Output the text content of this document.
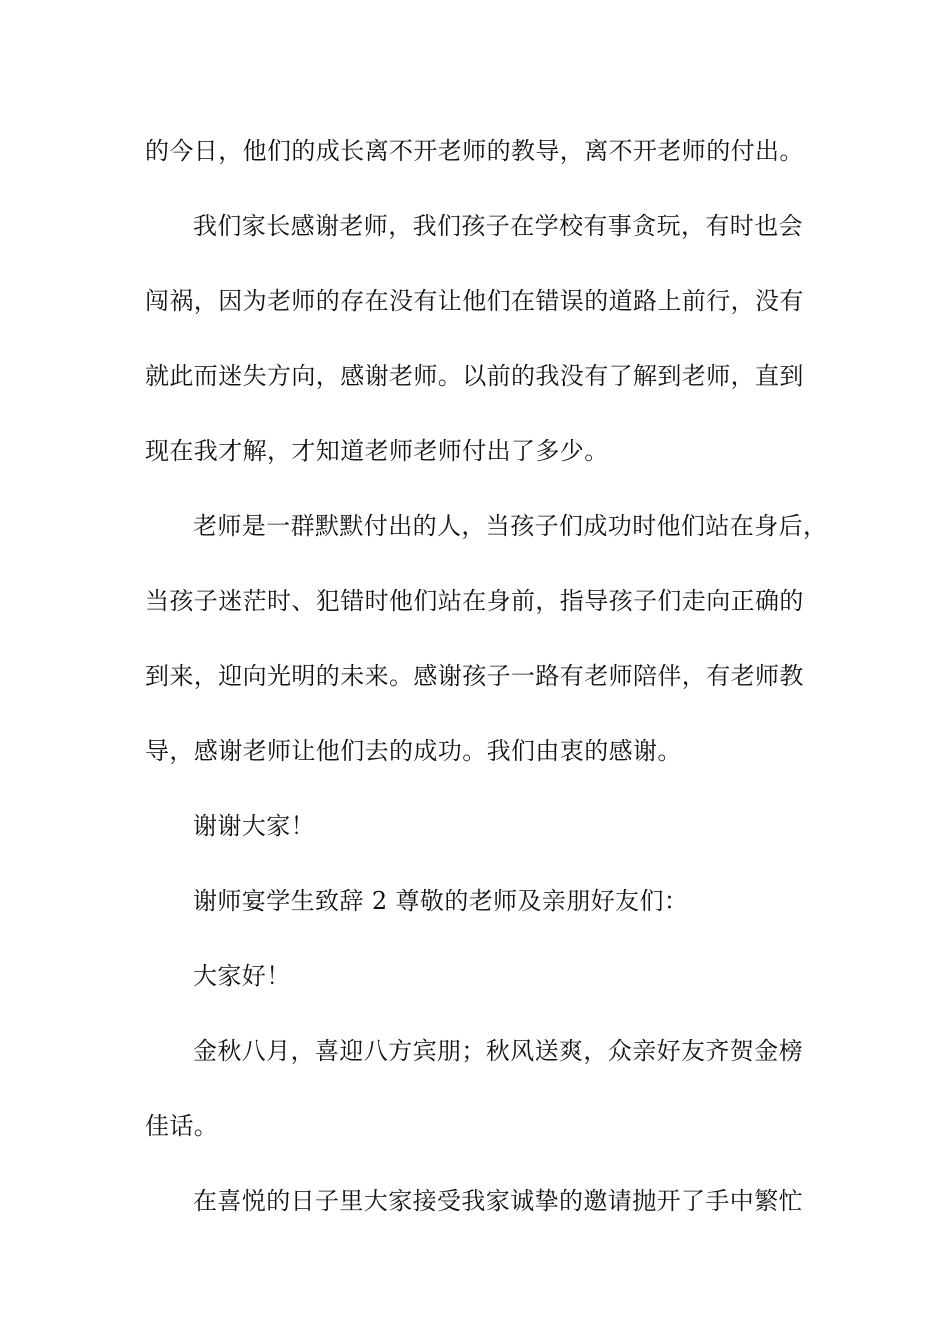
的今日，他们的成长离不开老师的教导，离不开老师的付出。

我们家长感谢老师，我们孩子在学校有事贪玩，有时也会

闯祸，因为老师的存在没有让他们在错误的道路上前行，没有

就此而迷失方向，感谢老师。以前的我没有了解到老师，直到

现在我才解，才知道老师老师付出了多少。

老师是一群默默付出的人，当孩子们成功时他们站在身后，

当孩子迷茫时、犯错时他们站在身前，指导孩子们走向正确的

到来，迎向光明的未来。感谢孩子一路有老师陪伴，有老师教

导，感谢老师让他们去的成功。我们由衷的感谢。

谢谢大家！

谢师宴学生致辞 2 尊敬的老师及亲朋好友们：

大家好！

金秋八月，喜迎八方宾朋；秋风送爽，众亲好友齐贺金榜

佳话。

在喜悦的日子里大家接受我家诚挚的邀请抛开了手中繁忙
